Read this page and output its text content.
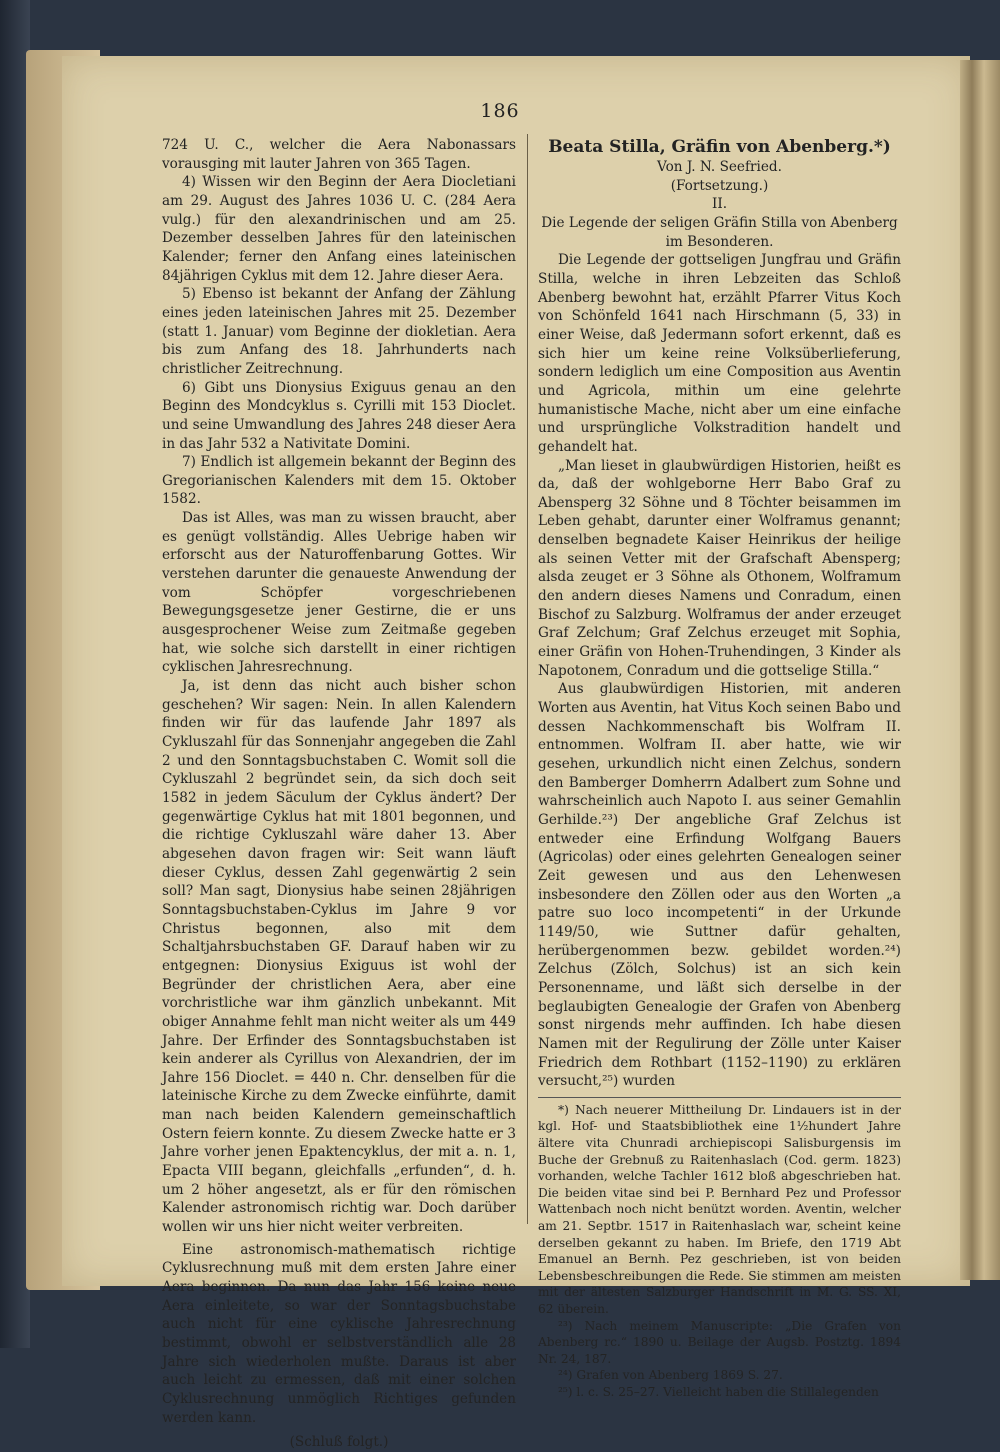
186

724 U. C., welcher die Aera Nabonassars vorausging mit lauter Jahren von 365 Tagen.

4) Wissen wir den Beginn der Aera Diocletiani am 29. August des Jahres 1036 U. C. (284 Aera vulg.) für den alexandrinischen und am 25. Dezember desselben Jahres für den lateinischen Kalender; ferner den Anfang eines lateinischen 84jährigen Cyklus mit dem 12. Jahre dieser Aera.

5) Ebenso ist bekannt der Anfang der Zählung eines jeden lateinischen Jahres mit 25. Dezember (statt 1. Januar) vom Beginne der diokletian. Aera bis zum Anfang des 18. Jahrhunderts nach christlicher Zeitrechnung.

6) Gibt uns Dionysius Exiguus genau an den Beginn des Mondcyklus s. Cyrilli mit 153 Dioclet. und seine Umwandlung des Jahres 248 dieser Aera in das Jahr 532 a Nativitate Domini.

7) Endlich ist allgemein bekannt der Beginn des Gregorianischen Kalenders mit dem 15. Oktober 1582.

Das ist Alles, was man zu wissen braucht, aber es genügt vollständig. Alles Uebrige haben wir erforscht aus der Naturoffenbarung Gottes. Wir verstehen darunter die genaueste Anwendung der vom Schöpfer vorgeschriebenen Bewegungsgesetze jener Gestirne, die er uns ausgesprochener Weise zum Zeitmaße gegeben hat, wie solche sich darstellt in einer richtigen cyklischen Jahresrechnung.

Ja, ist denn das nicht auch bisher schon geschehen? Wir sagen: Nein. In allen Kalendern finden wir für das laufende Jahr 1897 als Cykluszahl für das Sonnenjahr angegeben die Zahl 2 und den Sonntagsbuchstaben C. Womit soll die Cykluszahl 2 begründet sein, da sich doch seit 1582 in jedem Säculum der Cyklus ändert? Der gegenwärtige Cyklus hat mit 1801 begonnen, und die richtige Cykluszahl wäre daher 13. Aber abgesehen davon fragen wir: Seit wann läuft dieser Cyklus, dessen Zahl gegenwärtig 2 sein soll? Man sagt, Dionysius habe seinen 28jährigen Sonntagsbuchstaben-Cyklus im Jahre 9 vor Christus begonnen, also mit dem Schaltjahrsbuchstaben GF. Darauf haben wir zu entgegnen: Dionysius Exiguus ist wohl der Begründer der christlichen Aera, aber eine vorchristliche war ihm gänzlich unbekannt. Mit obiger Annahme fehlt man nicht weiter als um 449 Jahre. Der Erfinder des Sonntagsbuchstaben ist kein anderer als Cyrillus von Alexandrien, der im Jahre 156 Dioclet. = 440 n. Chr. denselben für die lateinische Kirche zu dem Zwecke einführte, damit man nach beiden Kalendern gemeinschaftlich Ostern feiern konnte. Zu diesem Zwecke hatte er 3 Jahre vorher jenen Epaktencyklus, der mit a. n. 1, Epacta VIII begann, gleichfalls „erfunden“, d. h. um 2 höher angesetzt, als er für den römischen Kalender astronomisch richtig war. Doch darüber wollen wir uns hier nicht weiter verbreiten.

Eine astronomisch-mathematisch richtige Cyklusrechnung muß mit dem ersten Jahre einer Aera beginnen. Da nun das Jahr 156 keine neue Aera einleitete, so war der Sonntagsbuchstabe auch nicht für eine cyklische Jahresrechnung bestimmt, obwohl er selbstverständlich alle 28 Jahre sich wiederholen mußte. Daraus ist aber auch leicht zu ermessen, daß mit einer solchen Cyklusrechnung unmöglich Richtiges gefunden werden kann.

(Schluß folgt.)

Beata Stilla, Gräfin von Abenberg.*)

Von J. N. Seefried.

(Fortsetzung.)

II.

Die Legende der seligen Gräfin Stilla von Abenberg im Besonderen.

Die Legende der gottseligen Jungfrau und Gräfin Stilla, welche in ihren Lebzeiten das Schloß Abenberg bewohnt hat, erzählt Pfarrer Vitus Koch von Schönfeld 1641 nach Hirschmann (5, 33) in einer Weise, daß Jedermann sofort erkennt, daß es sich hier um keine reine Volksüberlieferung, sondern lediglich um eine Composition aus Aventin und Agricola, mithin um eine gelehrte humanistische Mache, nicht aber um eine einfache und ursprüngliche Volkstradition handelt und gehandelt hat.

„Man lieset in glaubwürdigen Historien, heißt es da, daß der wohlgeborne Herr Babo Graf zu Abensperg 32 Söhne und 8 Töchter beisammen im Leben gehabt, darunter einer Wolframus genannt; denselben begnadete Kaiser Heinrikus der heilige als seinen Vetter mit der Grafschaft Abensperg; alsda zeuget er 3 Söhne als Othonem, Wolframum den andern dieses Namens und Conradum, einen Bischof zu Salzburg. Wolframus der ander erzeuget Graf Zelchum; Graf Zelchus erzeuget mit Sophia, einer Gräfin von Hohen-Truhendingen, 3 Kinder als Napotonem, Conradum und die gottselige Stilla.“

Aus glaubwürdigen Historien, mit anderen Worten aus Aventin, hat Vitus Koch seinen Babo und dessen Nachkommenschaft bis Wolfram II. entnommen. Wolfram II. aber hatte, wie wir gesehen, urkundlich nicht einen Zelchus, sondern den Bamberger Domherrn Adalbert zum Sohne und wahrscheinlich auch Napoto I. aus seiner Gemahlin Gerhilde.²³) Der angebliche Graf Zelchus ist entweder eine Erfindung Wolfgang Bauers (Agricolas) oder eines gelehrten Genealogen seiner Zeit gewesen und aus den Lehenwesen insbesondere den Zöllen oder aus den Worten „a patre suo loco incompetenti“ in der Urkunde 1149/50, wie Suttner dafür gehalten, herübergenommen bezw. gebildet worden.²⁴) Zelchus (Zölch, Solchus) ist an sich kein Personenname, und läßt sich derselbe in der beglaubigten Genealogie der Grafen von Abenberg sonst nirgends mehr auffinden. Ich habe diesen Namen mit der Regulirung der Zölle unter Kaiser Friedrich dem Rothbart (1152–1190) zu erklären versucht,²⁵) wurden

*) Nach neuerer Mittheilung Dr. Lindauers ist in der kgl. Hof- und Staatsbibliothek eine 1½hundert Jahre ältere vita Chunradi archiepiscopi Salisburgensis im Buche der Grebnuß zu Raitenhaslach (Cod. germ. 1823) vorhanden, welche Tachler 1612 bloß abgeschrieben hat. Die beiden vitae sind bei P. Bernhard Pez und Professor Wattenbach noch nicht benützt worden. Aventin, welcher am 21. Septbr. 1517 in Raitenhaslach war, scheint keine derselben gekannt zu haben. Im Briefe, den 1719 Abt Emanuel an Bernh. Pez geschrieben, ist von beiden Lebensbeschreibungen die Rede. Sie stimmen am meisten mit der ältesten Salzburger Handschrift in M. G. SS. XI, 62 überein.

²³) Nach meinem Manuscripte: „Die Grafen von Abenberg rc.“ 1890 u. Beilage der Augsb. Postztg. 1894 Nr. 24, 187.

²⁴) Grafen von Abenberg 1869 S. 27.

²⁵) l. c. S. 25–27. Vielleicht haben die Stillalegenden
